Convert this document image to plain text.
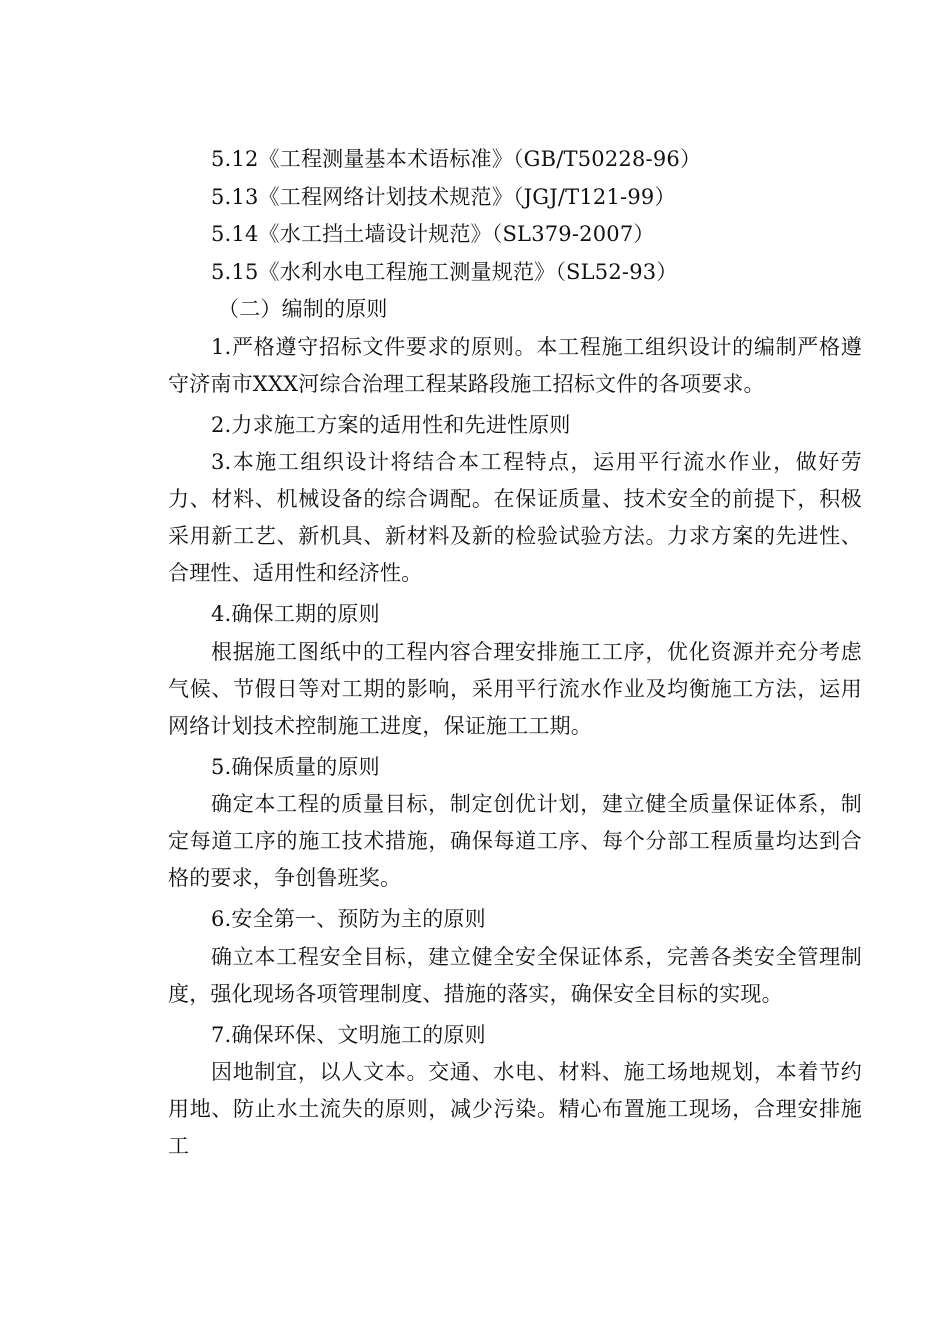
5.12《工程测量基本术语标准》（GB/T50228-96）
5.13《工程网络计划技术规范》（JGJ/T121-99）
5.14《水工挡土墙设计规范》（SL379-2007）
5.15《水利水电工程施工测量规范》（SL52-93）
（二）编制的原则

1.严格遵守招标文件要求的原则。本工程施工组织设计的编制严格遵守济南市XXX河综合治理工程某路段施工招标文件的各项要求。

2.力求施工方案的适用性和先进性原则

3.本施工组织设计将结合本工程特点，运用平行流水作业，做好劳力、材料、机械设备的综合调配。在保证质量、技术安全的前提下，积极采用新工艺、新机具、新材料及新的检验试验方法。力求方案的先进性、合理性、适用性和经济性。

4.确保工期的原则

根据施工图纸中的工程内容合理安排施工工序，优化资源并充分考虑气候、节假日等对工期的影响，采用平行流水作业及均衡施工方法，运用网络计划技术控制施工进度，保证施工工期。

5.确保质量的原则

确定本工程的质量目标，制定创优计划，建立健全质量保证体系，制定每道工序的施工技术措施，确保每道工序、每个分部工程质量均达到合格的要求，争创鲁班奖。

6.安全第一、预防为主的原则

确立本工程安全目标，建立健全安全保证体系，完善各类安全管理制度，强化现场各项管理制度、措施的落实，确保安全目标的实现。

7.确保环保、文明施工的原则

因地制宜，以人文本。交通、水电、材料、施工场地规划，本着节约用地、防止水土流失的原则，减少污染。精心布置施工现场，合理安排施工
